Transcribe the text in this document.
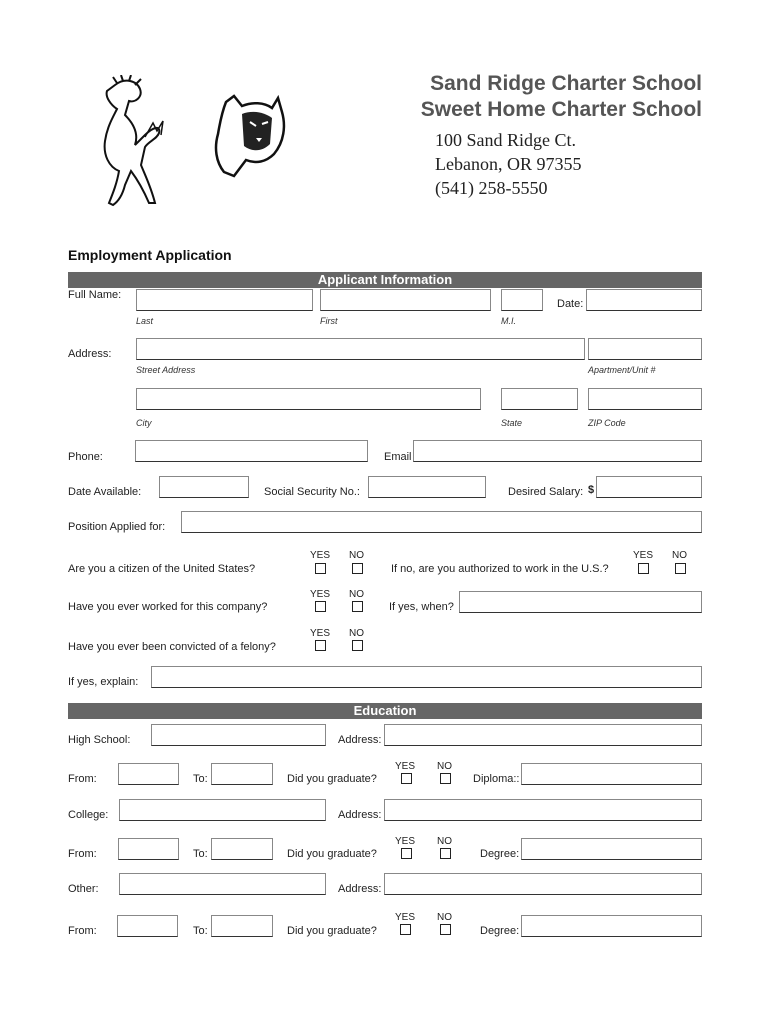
Sand Ridge Charter School
Sweet Home Charter School
100 Sand Ridge Ct.
Lebanon, OR 97355
(541) 258-5550
Employment Application
Applicant Information
Full Name:
Date:
Last	First	M.I.
Address:
Street Address	Apartment/Unit #
City	State	ZIP Code
Phone:	Email
Date Available:	Social Security No.:	Desired Salary: $
Position Applied for:
YES NO
Are you a citizen of the United States?
YES NO
If no, are you authorized to work in the U.S.?
YES NO
Have you ever worked for this company?	If yes, when?
YES NO
Have you ever been convicted of a felony?
If yes, explain:
Education
High School:	Address:
YES NO
From:	To:	Did you graduate?	Diploma::
College:	Address:
YES NO
From:	To:	Did you graduate?	Degree:
Other:	Address:
YES NO
From:	To:	Did you graduate?	Degree:
